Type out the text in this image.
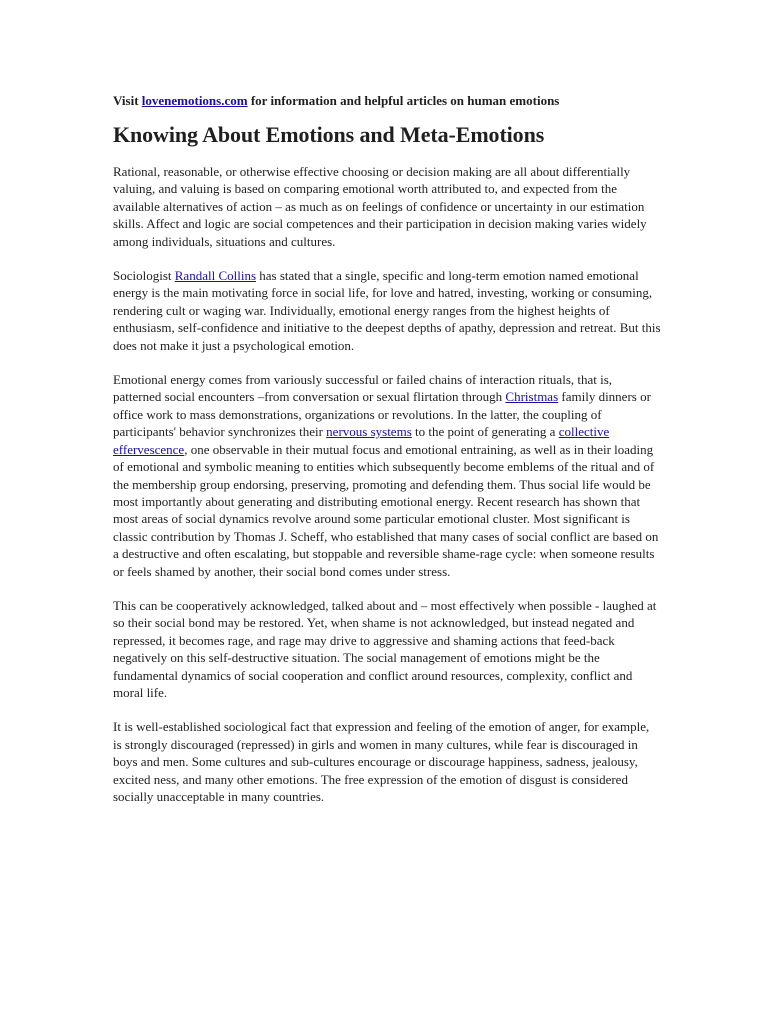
Visit lovenemotions.com for information and helpful articles on human emotions
Knowing About Emotions and Meta-Emotions

Rational, reasonable, or otherwise effective choosing or decision making are all about differentially valuing, and valuing is based on comparing emotional worth attributed to, and expected from the available alternatives of action – as much as on feelings of confidence or uncertainty in our estimation skills. Affect and logic are social competences and their participation in decision making varies widely among individuals, situations and cultures.

Sociologist Randall Collins has stated that a single, specific and long-term emotion named emotional energy is the main motivating force in social life, for love and hatred, investing, working or consuming, rendering cult or waging war. Individually, emotional energy ranges from the highest heights of enthusiasm, self-confidence and initiative to the deepest depths of apathy, depression and retreat. But this does not make it just a psychological emotion.

Emotional energy comes from variously successful or failed chains of interaction rituals, that is, patterned social encounters –from conversation or sexual flirtation through Christmas family dinners or office work to mass demonstrations, organizations or revolutions. In the latter, the coupling of participants' behavior synchronizes their nervous systems to the point of generating a collective effervescence, one observable in their mutual focus and emotional entraining, as well as in their loading of emotional and symbolic meaning to entities which subsequently become emblems of the ritual and of the membership group endorsing, preserving, promoting and defending them. Thus social life would be most importantly about generating and distributing emotional energy. Recent research has shown that most areas of social dynamics revolve around some particular emotional cluster. Most significant is classic contribution by Thomas J. Scheff, who established that many cases of social conflict are based on a destructive and often escalating, but stoppable and reversible shame-rage cycle: when someone results or feels shamed by another, their social bond comes under stress.

This can be cooperatively acknowledged, talked about and – most effectively when possible - laughed at so their social bond may be restored. Yet, when shame is not acknowledged, but instead negated and repressed, it becomes rage, and rage may drive to aggressive and shaming actions that feed-back negatively on this self-destructive situation. The social management of emotions might be the fundamental dynamics of social cooperation and conflict around resources, complexity, conflict and moral life.

It is well-established sociological fact that expression and feeling of the emotion of anger, for example, is strongly discouraged (repressed) in girls and women in many cultures, while fear is discouraged in boys and men. Some cultures and sub-cultures encourage or discourage happiness, sadness, jealousy, excited ness, and many other emotions. The free expression of the emotion of disgust is considered socially unacceptable in many countries.
